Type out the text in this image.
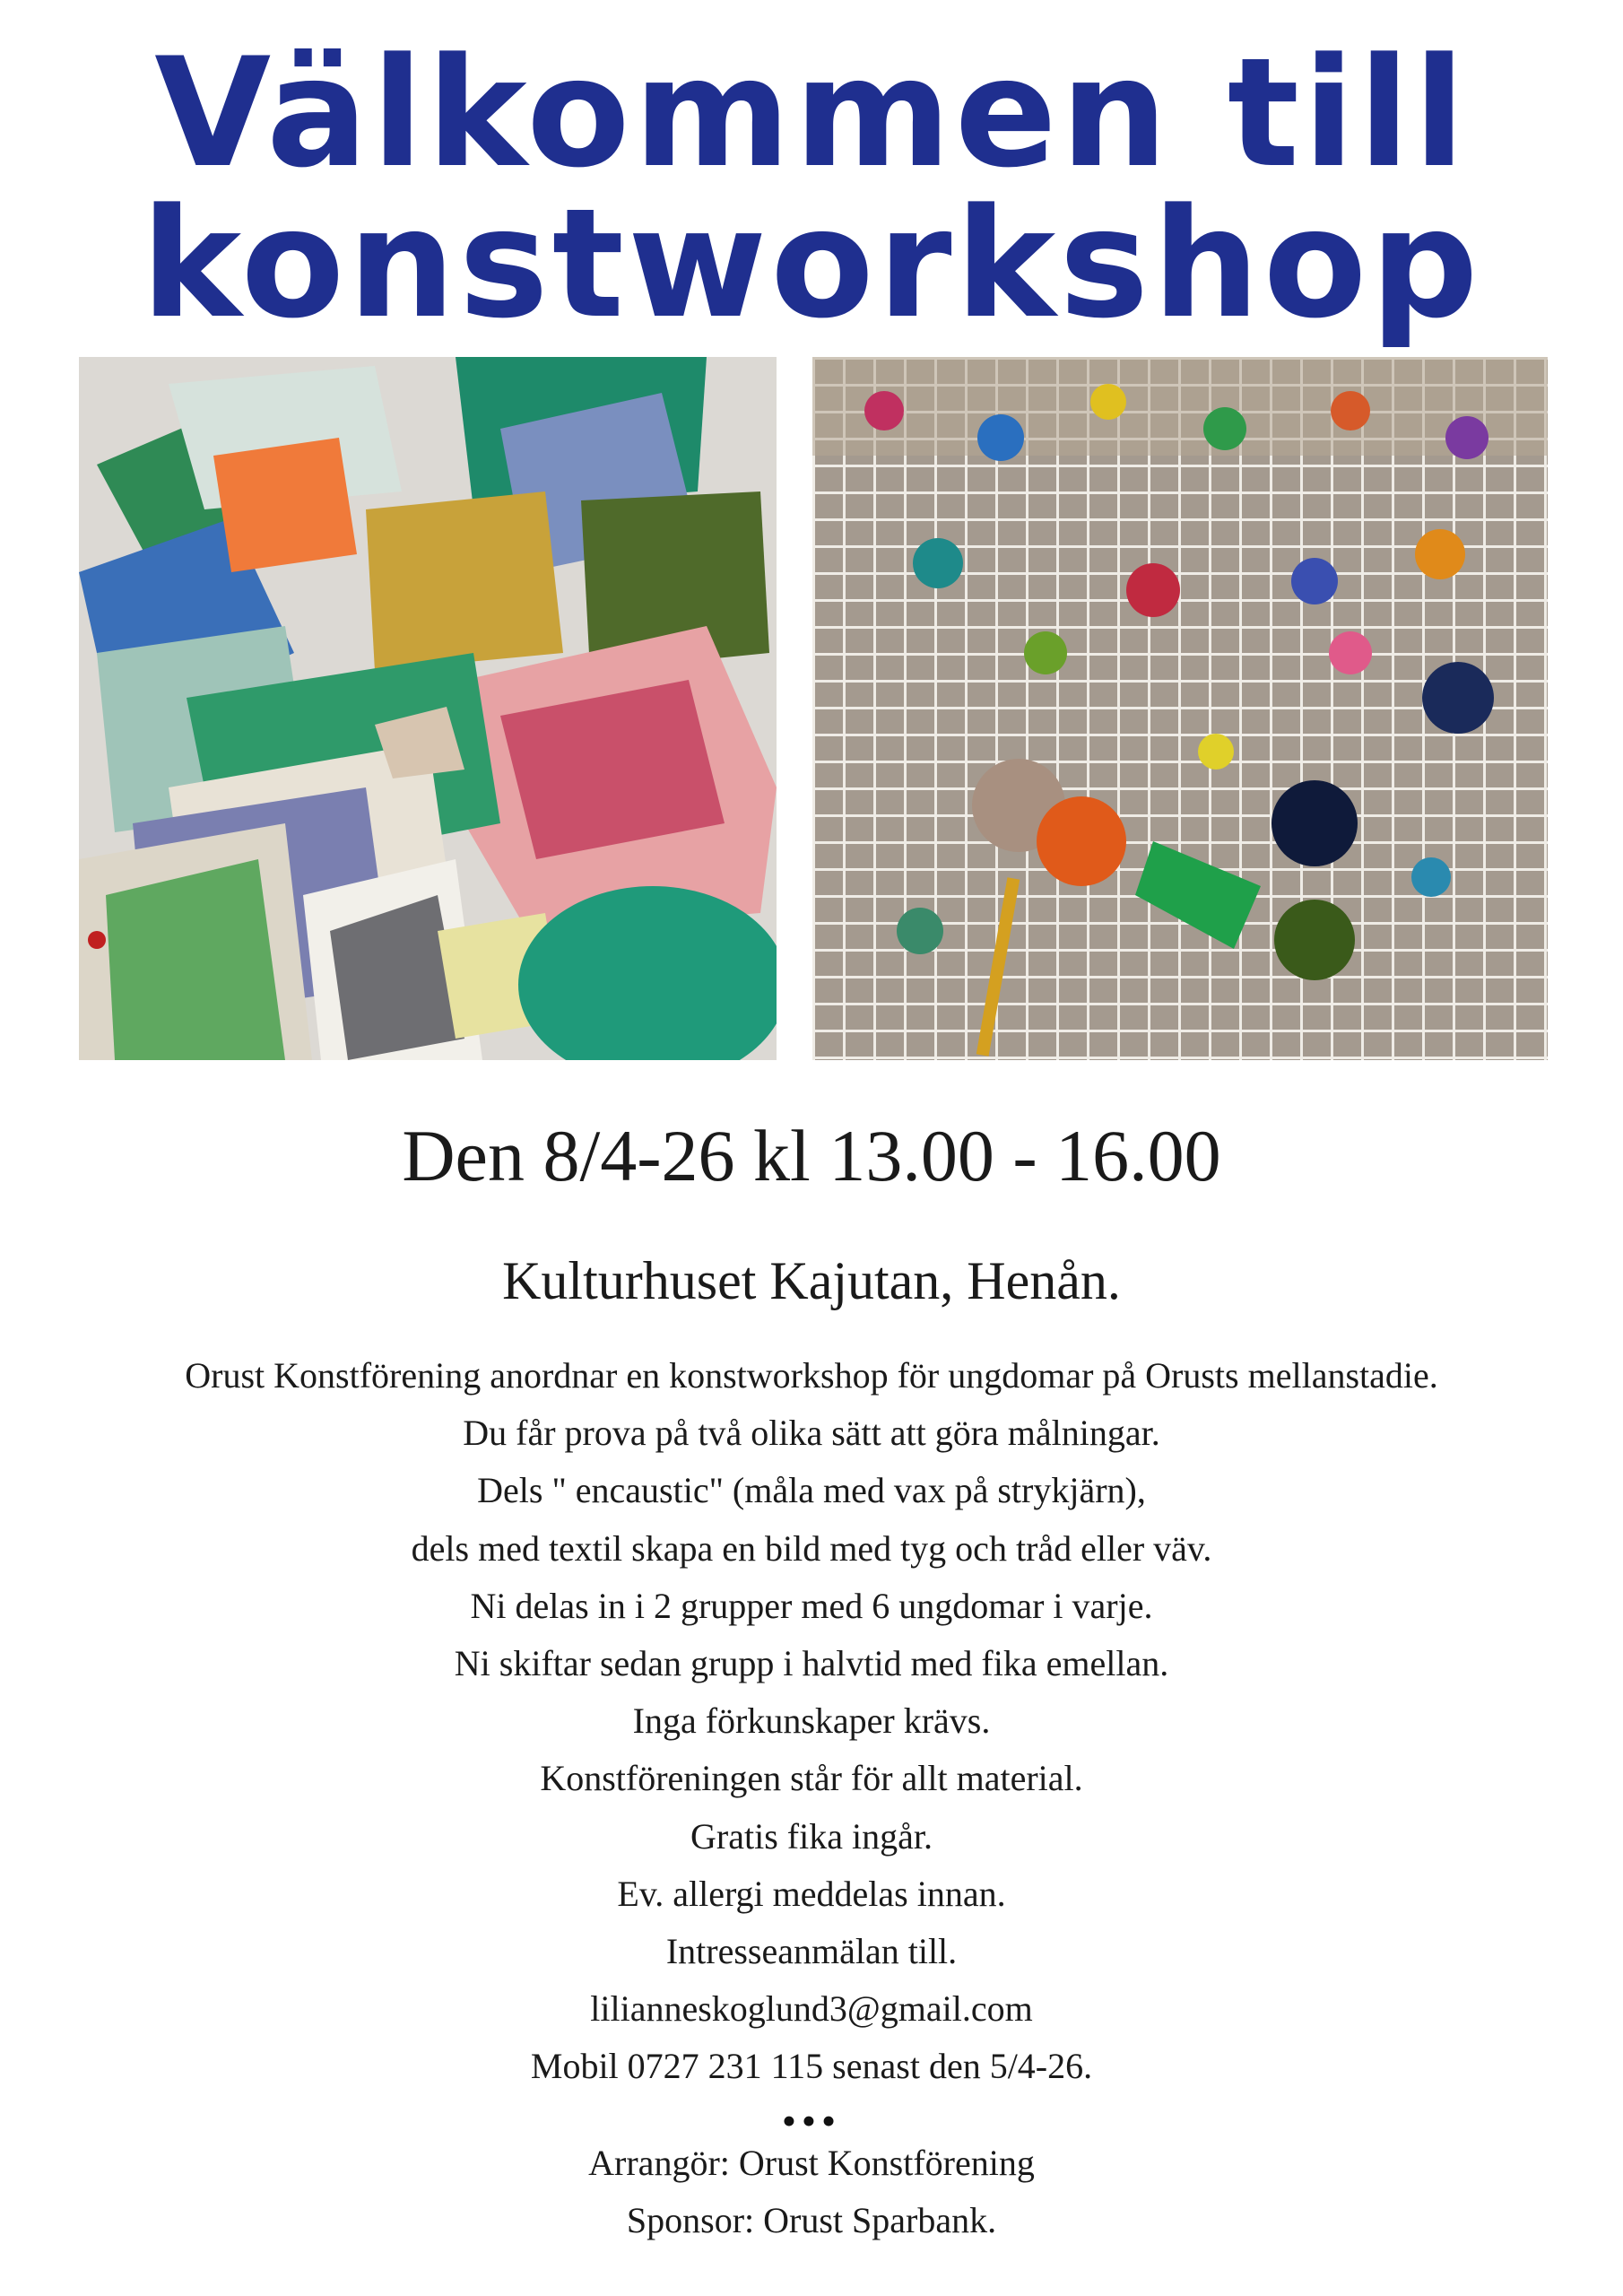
Välkommen till
konstworkshop

Den 8/4-26 kl 13.00 - 16.00

Kulturhuset Kajutan, Henån.

Orust Konstförening anordnar en konstworkshop för ungdomar på Orusts mellanstadie.
Du får prova på två olika sätt att göra målningar.
Dels " encaustic" (måla med vax på strykjärn),
dels med textil skapa en bild med tyg och tråd eller väv.
Ni delas in i 2 grupper med 6 ungdomar i varje.
Ni skiftar sedan grupp i halvtid med fika emellan.
Inga förkunskaper krävs.
Konstföreningen står för allt material.
Gratis fika ingår.
Ev. allergi meddelas innan.
Intresseanmälan till.
lilianneskoglund3@gmail.com
Mobil 0727 231 115 senast den 5/4-26.
•••
Arrangör: Orust Konstförening
Sponsor: Orust Sparbank.
